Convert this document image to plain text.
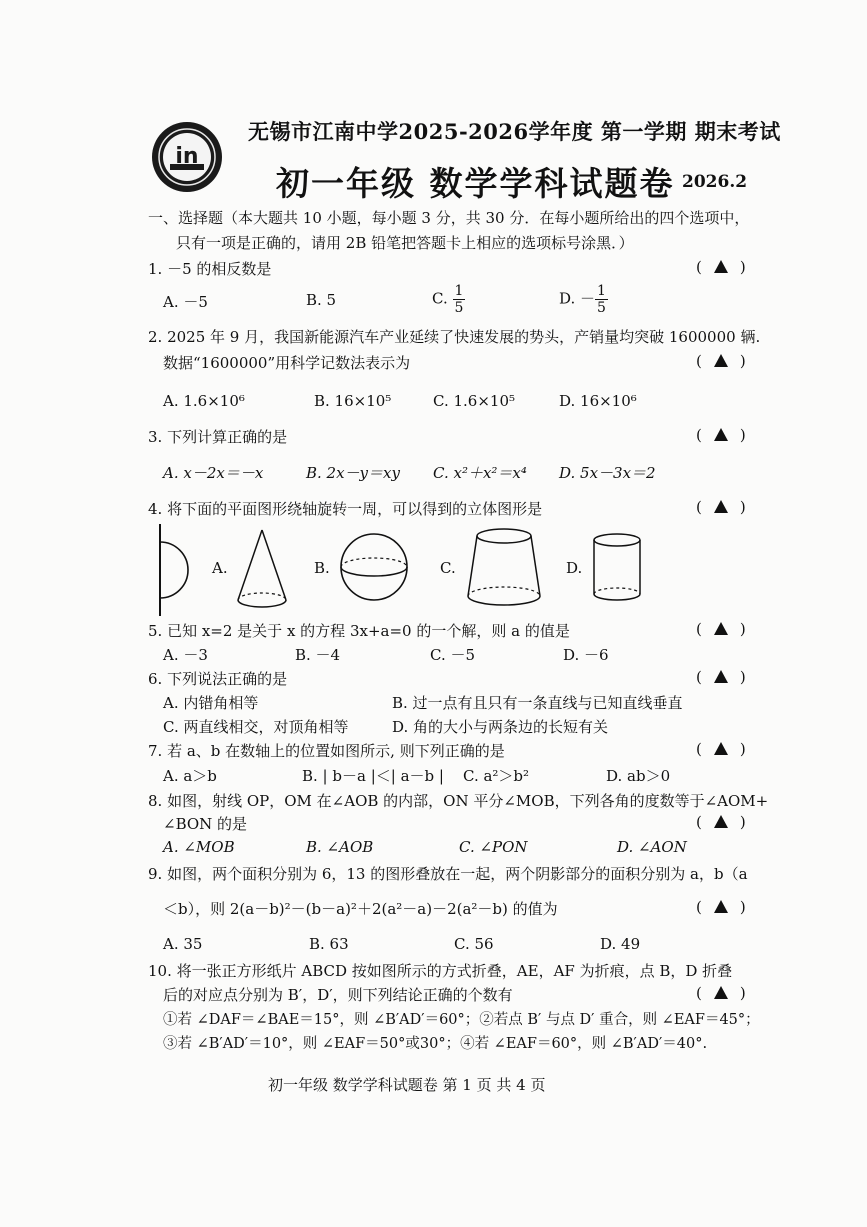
in
无锡市江南中学2025-2026学年度 第一学期 期末考试
初一年级 数学学科试题卷 2026.2
一、选择题（本大题共 10 小题，每小题 3 分，共 30 分．在每小题所给出的四个选项中，
只有一项是正确的，请用 2B 铅笔把答题卡上相应的选项标号涂黑．）
1. －5 的相反数是	(	)
A. －5	B. 5	C. $\frac{1}{5}$	D. － $\frac{1}{5}$
2. 2025 年 9 月，我国新能源汽车产业延续了快速发展的势头，产销量均突破 1600000 辆.
数据“1600000”用科学记数法表示为	(	)
A. 1.6×10⁶	B. 16×10⁵	C. 1.6×10⁵	D. 16×10⁶
3. 下列计算正确的是	(	)
A. x－2x＝－x	B. 2x－y＝xy C. x²＋x²＝x⁴ D. 5x－3x＝2
4. 将下面的平面图形绕轴旋转一周，可以得到的立体图形是	(	)
A.	B.	C.	D.
5. 已知 x=2 是关于 x 的方程 3x+a=0 的一个解，则 a 的值是	(	)
A. －3	B. －4	C. －5	D. －6
6. 下列说法正确的是	(	)
A. 内错角相等	B. 过一点有且只有一条直线与已知直线垂直
C. 两直线相交，对顶角相等	D. 角的大小与两条边的长短有关
7. 若 a、b 在数轴上的位置如图所示, 则下列正确的是	(	)
A. a＞b	B. | b－a |＜| a－b | C. a²＞b²	D. ab＞0
8. 如图，射线 OP，OM 在∠AOB 的内部，ON 平分∠MOB，下列各角的度数等于∠AOM+
∠BON 的是	(	)
A. ∠MOB	B. ∠AOB	C. ∠PON	D. ∠AON
9. 如图，两个面积分别为 6，13 的图形叠放在一起，两个阴影部分的面积分别为 a，b（a
＜b），则 2(a－b)²－(b－a)²＋2(a²－a)－2(a²－b) 的值为	(	)
A. 35	B. 63	C. 56	D. 49
10. 将一张正方形纸片 ABCD 按如图所示的方式折叠，AE，AF 为折痕，点 B，D 折叠
后的对应点分别为 B′，D′，则下列结论正确的个数有	(	)
①若 ∠DAF＝∠BAE＝15°，则 ∠B′AD′＝60°；②若点 B′ 与点 D′ 重合，则 ∠EAF＝45°；
③若 ∠B′AD′＝10°，则 ∠EAF＝50°或30°；④若 ∠EAF＝60°，则 ∠B′AD′＝40°.
初一年级 数学学科试题卷 第 1 页 共 4 页
